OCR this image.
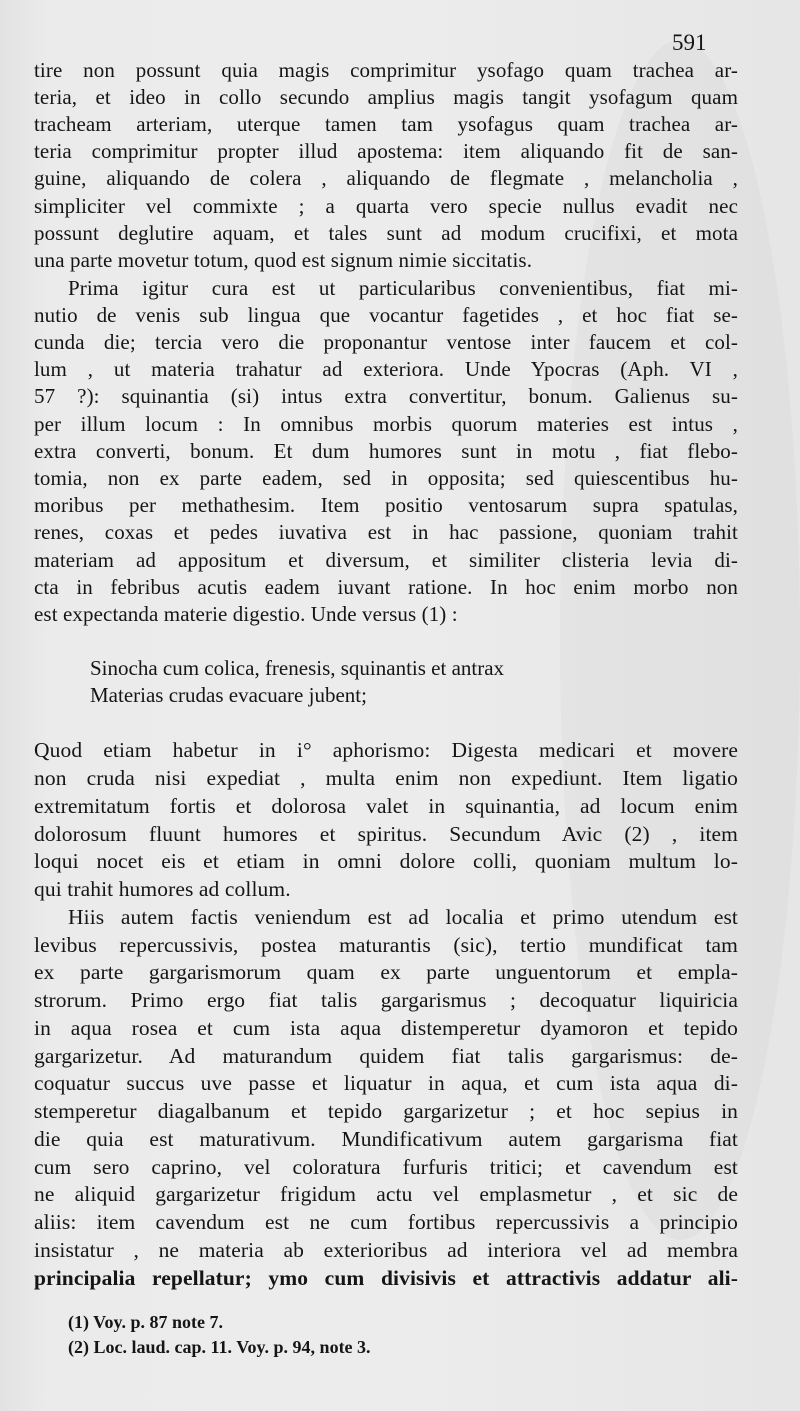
591
tire non possunt quia magis comprimitur ysofago quam trachea ar-
teria, et ideo in collo secundo amplius magis tangit ysofagum quam
tracheam arteriam, uterque tamen tam ysofagus quam trachea ar-
teria comprimitur propter illud apostema: item aliquando fit de san-
guine, aliquando de colera , aliquando de flegmate , melancholia ,
simpliciter vel commixte ; a quarta vero specie nullus evadit nec
possunt deglutire aquam, et tales sunt ad modum crucifixi, et mota
una parte movetur totum, quod est signum nimie siccitatis.
Prima igitur cura est ut particularibus convenientibus, fiat mi-
nutio de venis sub lingua que vocantur fagetides , et hoc fiat se-
cunda die; tercia vero die proponantur ventose inter faucem et col-
lum , ut materia trahatur ad exteriora. Unde Ypocras (Aph. VI ,
57 ?): squinantia (si) intus extra convertitur, bonum. Galienus su-
per illum locum : In omnibus morbis quorum materies est intus ,
extra converti, bonum. Et dum humores sunt in motu , fiat flebo-
tomia, non ex parte eadem, sed in opposita; sed quiescentibus hu-
moribus per methathesim. Item positio ventosarum supra spatulas,
renes, coxas et pedes iuvativa est in hac passione, quoniam trahit
materiam ad appositum et diversum, et similiter clisteria levia di-
cta in febribus acutis eadem iuvant ratione. In hoc enim morbo non
est expectanda materie digestio. Unde versus (1) :
Sinocha cum colica, frenesis, squinantis et antrax
Materias crudas evacuare jubent;
Quod etiam habetur in i° aphorismo: Digesta medicari et movere
non cruda nisi expediat , multa enim non expediunt. Item ligatio
extremitatum fortis et dolorosa valet in squinantia, ad locum enim
dolorosum fluunt humores et spiritus. Secundum Avic (2) , item
loqui nocet eis et etiam in omni dolore colli, quoniam multum lo-
qui trahit humores ad collum.
Hiis autem factis veniendum est ad localia et primo utendum est
levibus repercussivis, postea maturantis (sic), tertio mundificat tam
ex parte gargarismorum quam ex parte unguentorum et empla-
strorum. Primo ergo fiat talis gargarismus ; decoquatur liquiricia
in aqua rosea et cum ista aqua distemperetur dyamoron et tepido
gargarizetur. Ad maturandum quidem fiat talis gargarismus: de-
coquatur succus uve passe et liquatur in aqua, et cum ista aqua di-
stemperetur diagalbanum et tepido gargarizetur ; et hoc sepius in
die quia est maturativum. Mundificativum autem gargarisma fiat
cum sero caprino, vel coloratura furfuris tritici; et cavendum est
ne aliquid gargarizetur frigidum actu vel emplasmetur , et sic de
aliis: item cavendum est ne cum fortibus repercussivis a principio
insistatur , ne materia ab exterioribus ad interiora vel ad membra
principalia repellatur; ymo cum divisivis et attractivis addatur ali-
(1) Voy. p. 87 note 7.
(2) Loc. laud. cap. 11. Voy. p. 94, note 3.
